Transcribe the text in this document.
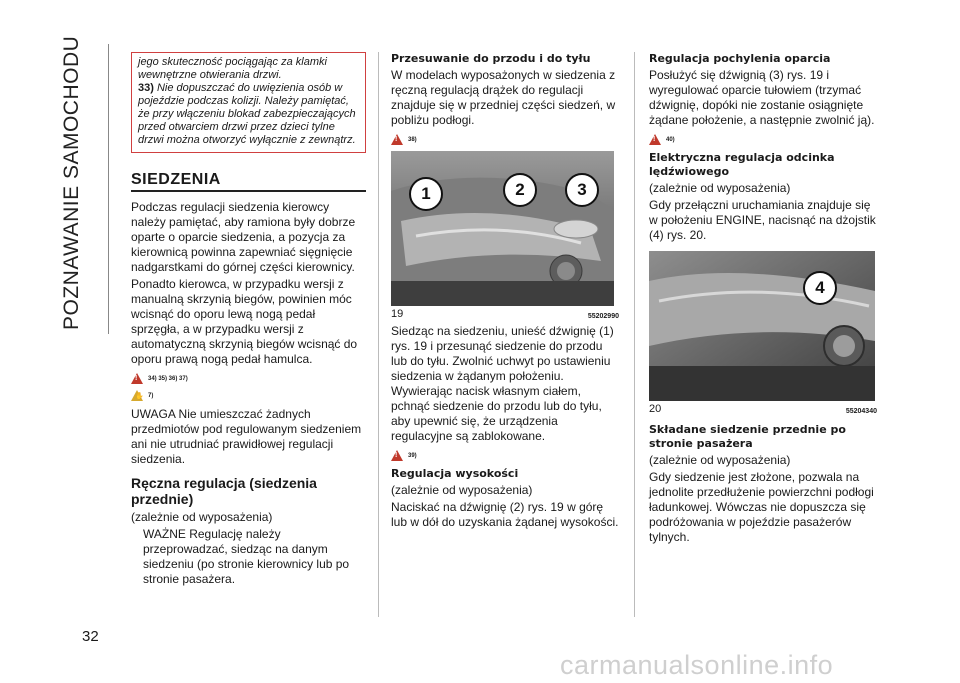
POZNAWANIE SAMOCHODU
32
carmanualsonline.info
jego skuteczność pociągając za klamki wewnętrzne otwierania drzwi.
33) Nie dopuszczać do uwięzienia osób w pojeździe podczas kolizji. Należy pamiętać, że przy włączeniu blokad zabezpieczających przed otwarciem drzwi przez dzieci tylne drzwi można otworzyć wyłącznie z zewnątrz.
SIEDZENIA

Podczas regulacji siedzenia kierowcy należy pamiętać, aby ramiona były dobrze oparte o oparcie siedzenia, a pozycja za kierownicą powinna zapewniać sięgnięcie nadgarstkami do górnej części kierownicy.

Ponadto kierowca, w przypadku wersji z manualną skrzynią biegów, powinien móc wcisnąć do oporu lewą nogą pedał sprzęgła, a w przypadku wersji z automatyczną skrzynią biegów wcisnąć do oporu prawą nogą pedał hamulca.

! 34) 35) 36) 37)
✋ 7)

UWAGA Nie umieszczać żadnych przedmiotów pod regulowanym siedzeniem ani nie utrudniać prawidłowej regulacji siedzenia.

Ręczna regulacja (siedzenia przednie)

(zależnie od wyposażenia)

WAŻNE Regulację należy przeprowadzać, siedząc na danym siedzeniu (po stronie kierownicy lub po stronie pasażera.

Przesuwanie do przodu i do tyłu

W modelach wyposażonych w siedzenia z ręczną regulacją drążek do regulacji znajduje się w przedniej części siedzeń, w pobliżu podłogi.

! 38)
1	2	3
19	55202990

Siedząc na siedzeniu, unieść dźwignię (1) rys. 19 i przesunąć siedzenie do przodu lub do tyłu. Zwolnić uchwyt po ustawieniu siedzenia w żądanym położeniu. Wywierając nacisk własnym ciałem, pchnąć siedzenie do przodu lub do tyłu, aby upewnić się, że urządzenia regulacyjne są zablokowane.

! 39)
Regulacja wysokości

(zależnie od wyposażenia)

Naciskać na dźwignię (2) rys. 19 w górę lub w dół do uzyskania żądanej wysokości.

Regulacja pochylenia oparcia

Posłużyć się dźwignią (3) rys. 19 i wyregulować oparcie tułowiem (trzymać dźwignię, dopóki nie zostanie osiągnięte żądane położenie, a następnie zwolnić ją).

! 40)
Elektryczna regulacja odcinka lędźwiowego

(zależnie od wyposażenia)

Gdy przełączni uruchamiania znajduje się w położeniu ENGINE, nacisnąć na dżojstik (4) rys. 20.

4
20	55204340
Składane siedzenie przednie po stronie pasażera

(zależnie od wyposażenia)

Gdy siedzenie jest złożone, pozwala na jednolite przedłużenie powierzchni podłogi ładunkowej. Wówczas nie dopuszcza się podróżowania w pojeździe pasażerów tylnych.
